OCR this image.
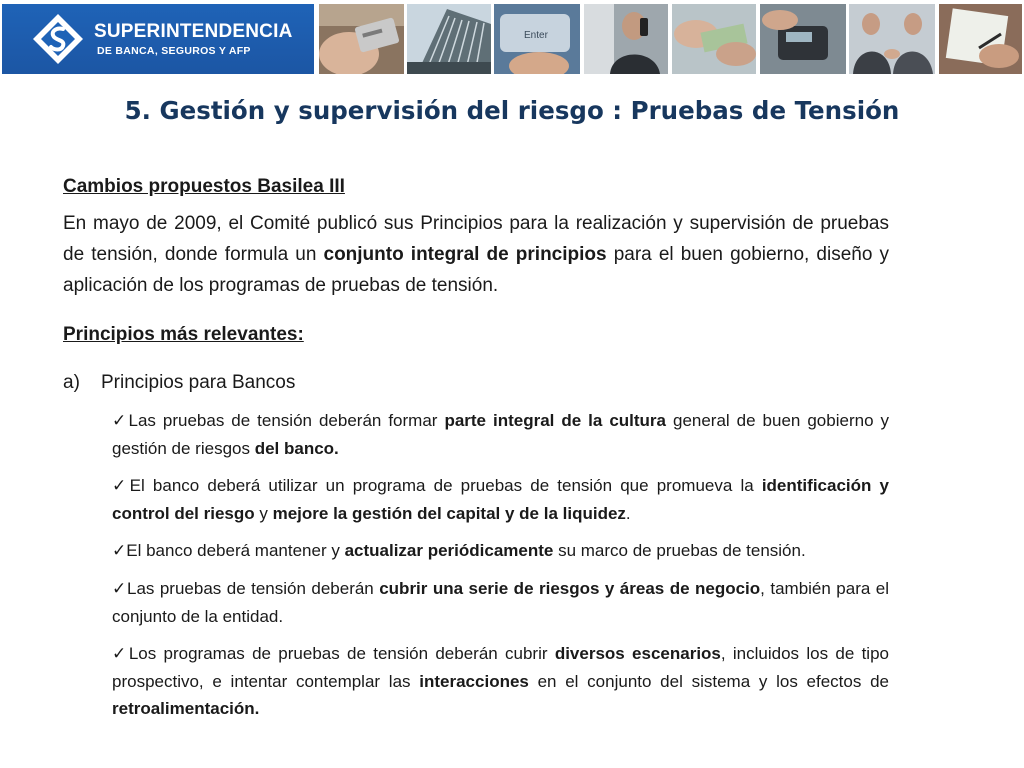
SUPERINTENDENCIA
DE BANCA, SEGUROS Y AFP
Enter
5. Gestión y supervisión del riesgo : Pruebas de Tensión

Cambios propuestos Basilea III

En mayo de 2009, el Comité publicó sus Principios para la realización y supervisión de pruebas de tensión, donde formula un conjunto integral de principios para el buen gobierno, diseño y aplicación de los programas de pruebas de tensión.

Principios más relevantes:

a) Principios para Bancos

✓Las pruebas de tensión deberán formar parte integral de la cultura general de buen gobierno y gestión de riesgos del banco.
✓El banco deberá utilizar un programa de pruebas de tensión que promueva la identificación y control del riesgo y mejore la gestión del capital y de la liquidez.
✓El banco deberá mantener y actualizar periódicamente su marco de pruebas de tensión.
✓Las pruebas de tensión deberán cubrir una serie de riesgos y áreas de negocio, también para el conjunto de la entidad.
✓Los programas de pruebas de tensión deberán cubrir diversos escenarios, incluidos los de tipo prospectivo, e intentar contemplar las interacciones en el conjunto del sistema y los efectos de retroalimentación.
